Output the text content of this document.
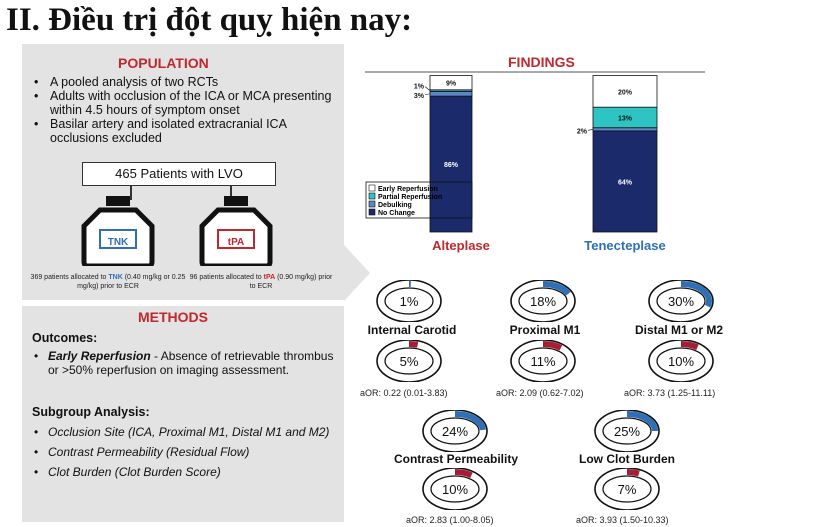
II. Điều trị đột quỵ hiện nay:
POPULATION
• A pooled analysis of two RCTs
• Adults with occlusion of the ICA or MCA presenting within 4.5 hours of symptom onset
• Basilar artery and isolated extracranial ICA occlusions excluded
465 Patients with LVO
TNK	tPA
369 patients allocated to TNK (0.40 mg/kg or 0.25 mg/kg) prior to ECR
96 patients allocated to tPA (0.90 mg/kg) prior to ECR
METHODS
Outcomes:
• Early Reperfusion - Absence of retrievable thrombus or >50% reperfusion on imaging assessment.
Subgroup Analysis:
• Occlusion Site (ICA, Proximal M1, Distal M1 and M2)
• Contrast Permeability (Residual Flow)
• Clot Burden (Clot Burden Score)
FINDINGS
86%
3%
1%	9%
Alteplase
64%
2%
13%
20%
Tenecteplase
Early Reperfusion
Partial Reperfusion
Debulking
No Change
1%	18%	30%
5%	11%	10%
24%	25%
10%	7%
Internal Carotid	Proximal M1	Distal M1 or M2
Contrast Permeability	Low Clot Burden
aOR: 0.22 (0.01-3.83)	aOR: 2.09 (0.62-7.02)	aOR: 3.73 (1.25-11.11)
aOR: 2.83 (1.00-8.05)	aOR: 3.93 (1.50-10.33)
